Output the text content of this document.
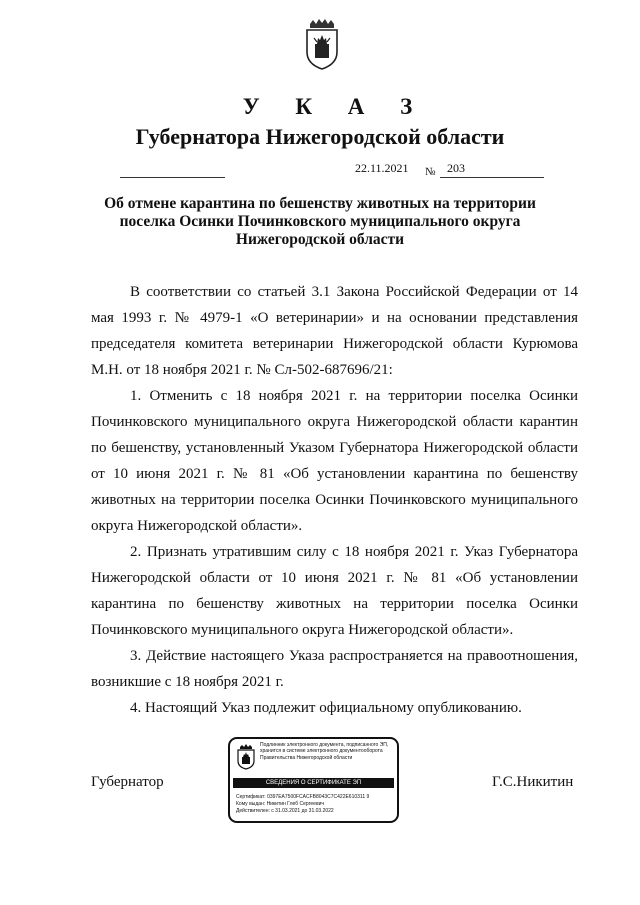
У К А З
Губернатора Нижегородской области
22.11.2021 № 203
Об отмене карантина по бешенству животных на территории
поселка Осинки Починковского муниципального округа
Нижегородской области

В соответствии со статьей 3.1 Закона Российской Федерации от 14 мая 1993 г. № 4979-1 «О ветеринарии» и на основании представления председателя комитета ветеринарии Нижегородской области Курюмова М.Н. от 18 ноября 2021 г. № Сл-502-687696/21:

1. Отменить с 18 ноября 2021 г. на территории поселка Осинки Починковского муниципального округа Нижегородской области карантин по бешенству, установленный Указом Губернатора Нижегородской области от 10 июня 2021 г. № 81 «Об установлении карантина по бешенству животных на территории поселка Осинки Починковского муниципального округа Нижегородской области».

2. Признать утратившим силу с 18 ноября 2021 г. Указ Губернатора Нижегородской области от 10 июня 2021 г. № 81 «Об установлении карантина по бешенству животных на территории поселка Осинки Починковского муниципального округа Нижегородской области».

3. Действие настоящего Указа распространяется на правоотношения, возникшие с 18 ноября 2021 г.

4. Настоящий Указ подлежит официальному опубликованию.

Губернатор	Г.С.Никитин
Подлинник электронного документа, подписанного ЭП,
хранится в системе электронного документооборота
Правительства Нижегородской области
СВЕДЕНИЯ О СЕРТИФИКАТЕ ЭП
Сертификат: 0397EA7500FCACFB8043C7C422E610311 9
Кому выдан: Никитин Глеб Сергеевич
Действителен: с 31.03.2021 до 31.03.2022
